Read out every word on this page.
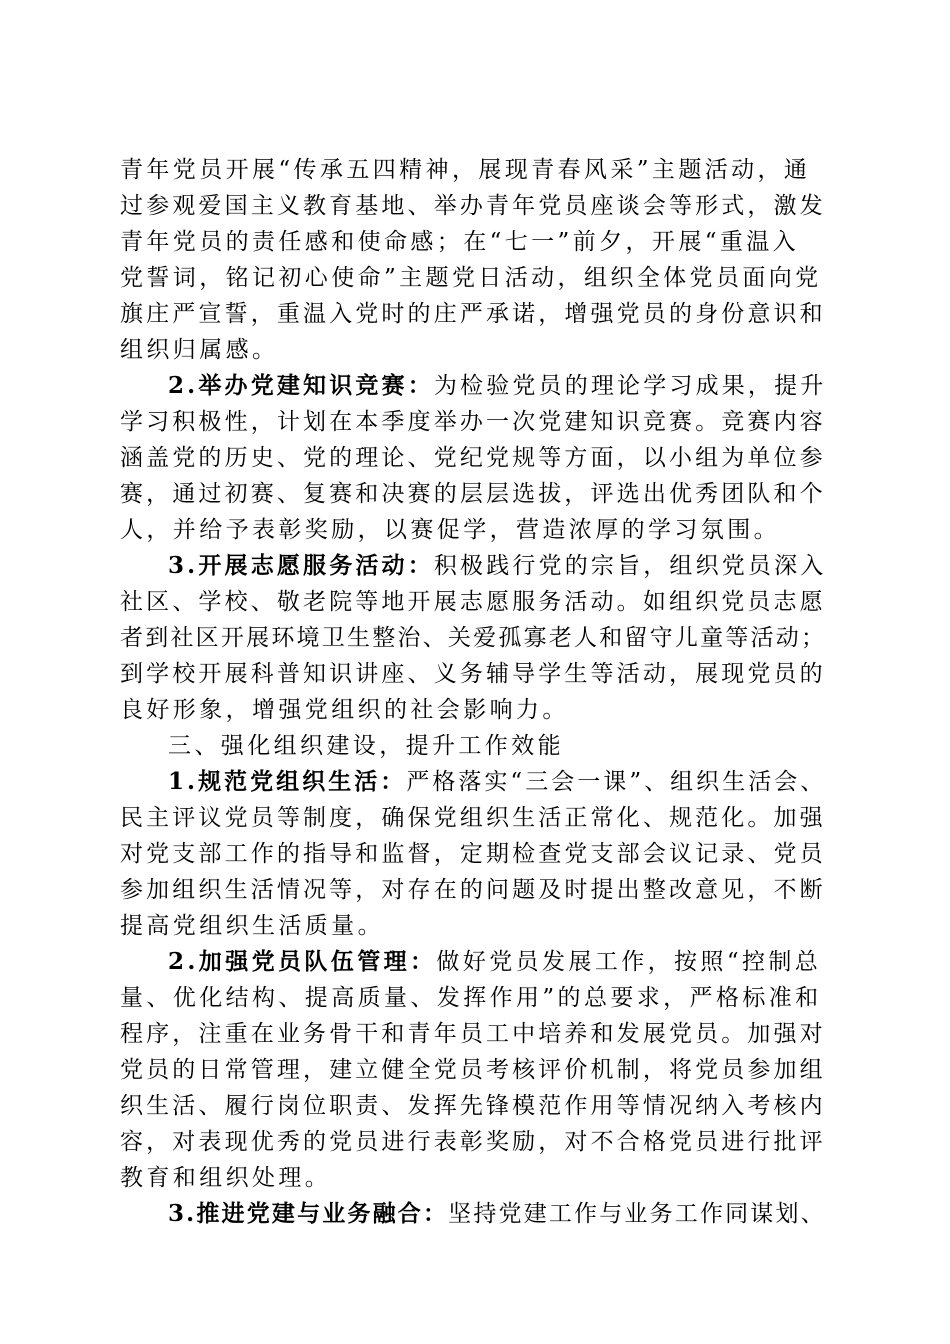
青年党员开展“传承五四精神，展现青春风采”主题活动，通
过参观爱国主义教育基地、举办青年党员座谈会等形式，激发
青年党员的责任感和使命感；在“七一”前夕，开展“重温入
党誓词，铭记初心使命”主题党日活动，组织全体党员面向党
旗庄严宣誓，重温入党时的庄严承诺，增强党员的身份意识和
组织归属感。
2.举办党建知识竞赛：为检验党员的理论学习成果，提升
学习积极性，计划在本季度举办一次党建知识竞赛。竞赛内容
涵盖党的历史、党的理论、党纪党规等方面，以小组为单位参
赛，通过初赛、复赛和决赛的层层选拔，评选出优秀团队和个
人，并给予表彰奖励，以赛促学，营造浓厚的学习氛围。
3.开展志愿服务活动：积极践行党的宗旨，组织党员深入
社区、学校、敬老院等地开展志愿服务活动。如组织党员志愿
者到社区开展环境卫生整治、关爱孤寡老人和留守儿童等活动；
到学校开展科普知识讲座、义务辅导学生等活动，展现党员的
良好形象，增强党组织的社会影响力。
三、强化组织建设，提升工作效能
1.规范党组织生活：严格落实“三会一课”、组织生活会、
民主评议党员等制度，确保党组织生活正常化、规范化。加强
对党支部工作的指导和监督，定期检查党支部会议记录、党员
参加组织生活情况等，对存在的问题及时提出整改意见，不断
提高党组织生活质量。
2.加强党员队伍管理：做好党员发展工作，按照“控制总
量、优化结构、提高质量、发挥作用”的总要求，严格标准和
程序，注重在业务骨干和青年员工中培养和发展党员。加强对
党员的日常管理，建立健全党员考核评价机制，将党员参加组
织生活、履行岗位职责、发挥先锋模范作用等情况纳入考核内
容，对表现优秀的党员进行表彰奖励，对不合格党员进行批评
教育和组织处理。
3.推进党建与业务融合：坚持党建工作与业务工作同谋划、
